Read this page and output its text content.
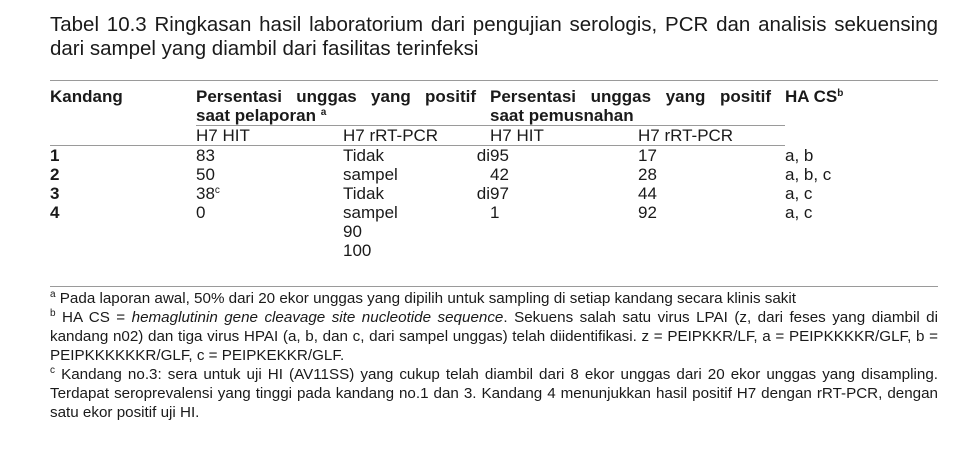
Tabel 10.3 Ringkasan hasil laboratorium dari pengujian serologis, PCR dan analisis sekuensing dari sampel yang diambil dari fasilitas terinfeksi
Kandang	Persentasi unggas yang positif saat pelaporan $^a$		Persentasi unggas yang positif saat pemusnahan		HA $CS^b$
	H7 HIT	H7 rRT-PCR	H7 HIT	H7 rRT-PCR	
1	83	Tidak di	95	17	a, b
2	50	sampel	42	28	a, b, c
3	38$^c$	Tidak di	97	44	a, c
4	0	sampel	1	92	a, c
		90			
		100			

$^a$ Pada laporan awal, 50% dari 20 ekor unggas yang dipilih untuk sampling di setiap kandang secara klinis sakit

$^b$ HA CS = hemaglutinin gene cleavage site nucleotide sequence. Sekuens salah satu virus LPAI (z, dari feses yang diambil di kandang n02) dan tiga virus HPAI (a, b, dan c, dari sampel unggas) telah diidentifikasi. z = PEIPKKR/LF, a = PEIPKKKKR/GLF, b = PEIPKKKKKKR/GLF, c = PEIPKEKKR/GLF.

$^c$ Kandang no.3: sera untuk uji HI (AV11SS) yang cukup telah diambil dari 8 ekor unggas dari 20 ekor unggas yang disampling. Terdapat seroprevalensi yang tinggi pada kandang no.1 dan 3. Kandang 4 menunjukkan hasil positif H7 dengan rRT-PCR, dengan satu ekor positif uji HI.
